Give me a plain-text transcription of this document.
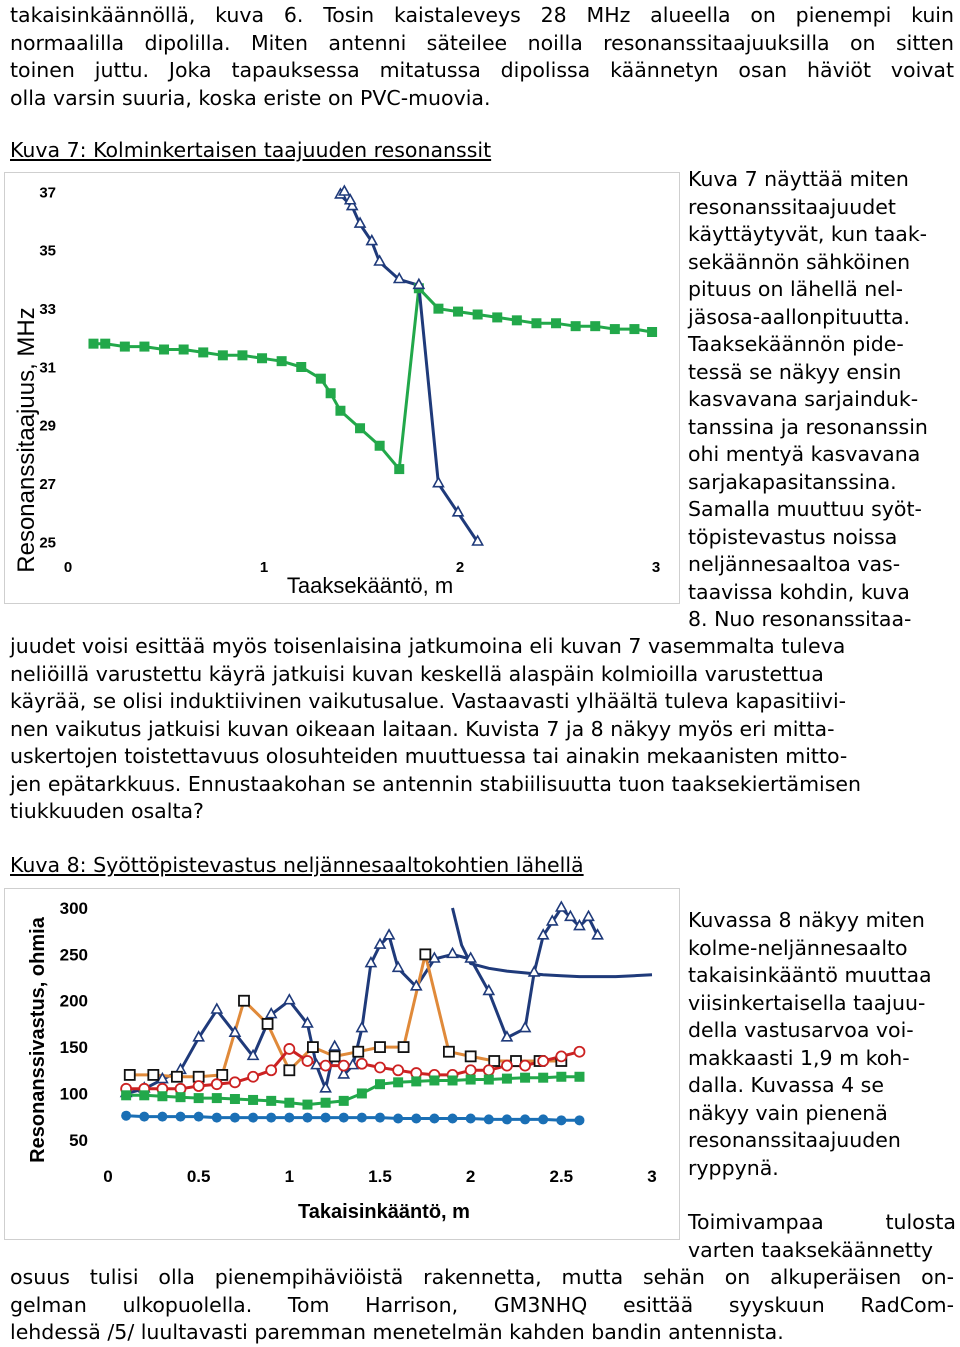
takaisinkäännöllä, kuva 6. Tosin kaistaleveys 28 MHz alueella on pienempi kuin
normaalilla dipolilla. Miten antenni säteilee noilla resonanssitaajuuksilla on sitten
toinen juttu. Joka tapauksessa mitatussa dipolissa käännetyn osan häviöt voivat
olla varsin suuria, koska eriste on PVC-muovia.
Kuva 7: Kolminkertaisen taajuuden resonanssit
0	1	2	3
25
27
29
31
33
35
37
Taaksekääntö, m
Resonanssitaajuus, MHz
Kuva 7 näyttää miten
resonanssitaajuudet
käyttäytyvät, kun taak-
sekäännön sähköinen
pituus on lähellä nel-
jäsosa-aallonpituutta.
Taaksekäännön pide-
tessä se näkyy ensin
kasvavana sarjainduk-
tanssina ja resonanssin
ohi mentyä kasvavana
sarjakapasitanssina.
Samalla muuttuu syöt-
töpistevastus noissa
neljännesaaltoa vas-
taavissa kohdin, kuva
8. Nuo resonanssitaa-
juudet voisi esittää myös toisenlaisina jatkumoina eli kuvan 7 vasemmalta tuleva
neliöillä varustettu käyrä jatkuisi kuvan keskellä alaspäin kolmioilla varustettua
käyrää, se olisi induktiivinen vaikutusalue. Vastaavasti ylhäältä tuleva kapasitiivi-
nen vaikutus jatkuisi kuvan oikeaan laitaan. Kuvista 7 ja 8 näkyy myös eri mitta-
uskertojen toistettavuus olosuhteiden muuttuessa tai ainakin mekaanisten mitto-
jen epätarkkuus. Ennustaakohan se antennin stabiilisuutta tuon taaksekiertämisen
tiukkuuden osalta?
Kuva 8: Syöttöpistevastus neljännesaaltokohtien lähellä
0	0.5	1	1.5	2	2.5	3
50
100
150
200
250
300
Takaisinkääntö, m
Resonanssivastus, ohmia	Kuvassa 8 näkyy miten
kolme-neljännesaalto
takaisinkääntö muuttaa
viisinkertaisella taajuu-
della vastusarvoa voi-
makkaasti 1,9 m koh-
dalla. Kuvassa 4 se
näkyy vain pienenä
resonanssitaajuuden
ryppynä.
Toimivampaa tulosta
varten taaksekäännetty
osuus tulisi olla pienempihäviöistä rakennetta, mutta sehän on alkuperäisen on-
gelman ulkopuolella. Tom Harrison, GM3NHQ esittää syyskuun RadCom-
lehdessä /5/ luultavasti paremman menetelmän kahden bandin antennista.
